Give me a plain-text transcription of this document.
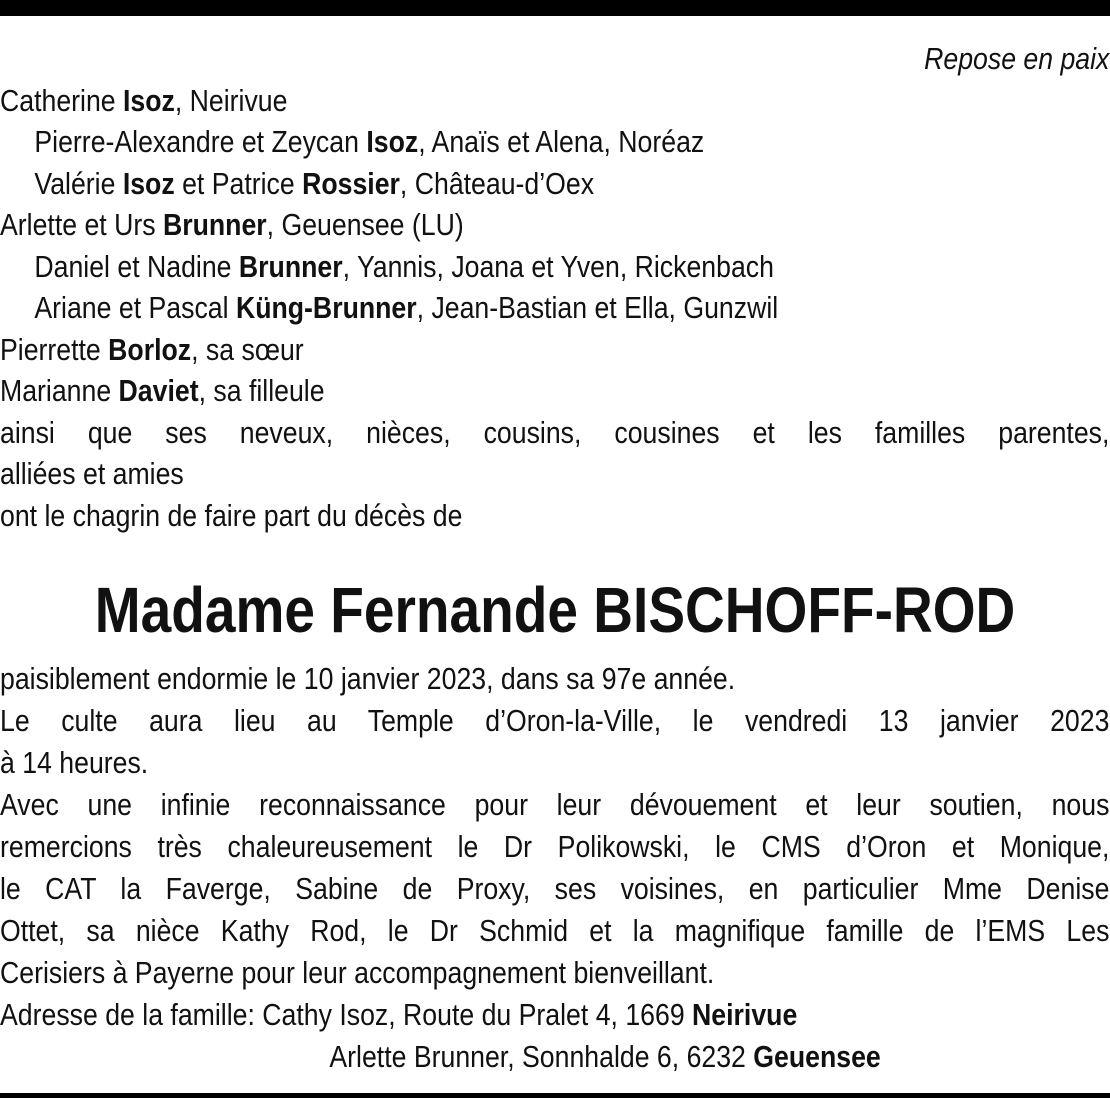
Repose en paix
Catherine Isoz, Neirivue
Pierre-Alexandre et Zeycan Isoz, Anaïs et Alena, Noréaz
Valérie Isoz et Patrice Rossier, Château-d’Oex
Arlette et Urs Brunner, Geuensee (LU)
Daniel et Nadine Brunner, Yannis, Joana et Yven, Rickenbach
Ariane et Pascal Küng-Brunner, Jean-Bastian et Ella, Gunzwil
Pierrette Borloz, sa sœur
Marianne Daviet, sa filleule
ainsi que ses neveux, nièces, cousins, cousines et les familles parentes,
alliées et amies
ont le chagrin de faire part du décès de
Madame Fernande BISCHOFF-ROD
paisiblement endormie le 10 janvier 2023, dans sa 97e année.
Le culte aura lieu au Temple d’Oron-la-Ville, le vendredi 13 janvier 2023
à 14 heures.
Avec une infinie reconnaissance pour leur dévouement et leur soutien, nous
remercions très chaleureusement le Dr Polikowski, le CMS d’Oron et Monique,
le CAT la Faverge, Sabine de Proxy, ses voisines, en particulier Mme Denise
Ottet, sa nièce Kathy Rod, le Dr Schmid et la magnifique famille de l’EMS Les
Cerisiers à Payerne pour leur accompagnement bienveillant.
Adresse de la famille: Cathy Isoz, Route du Pralet 4, 1669 Neirivue
Arlette Brunner, Sonnhalde 6, 6232 Geuensee
